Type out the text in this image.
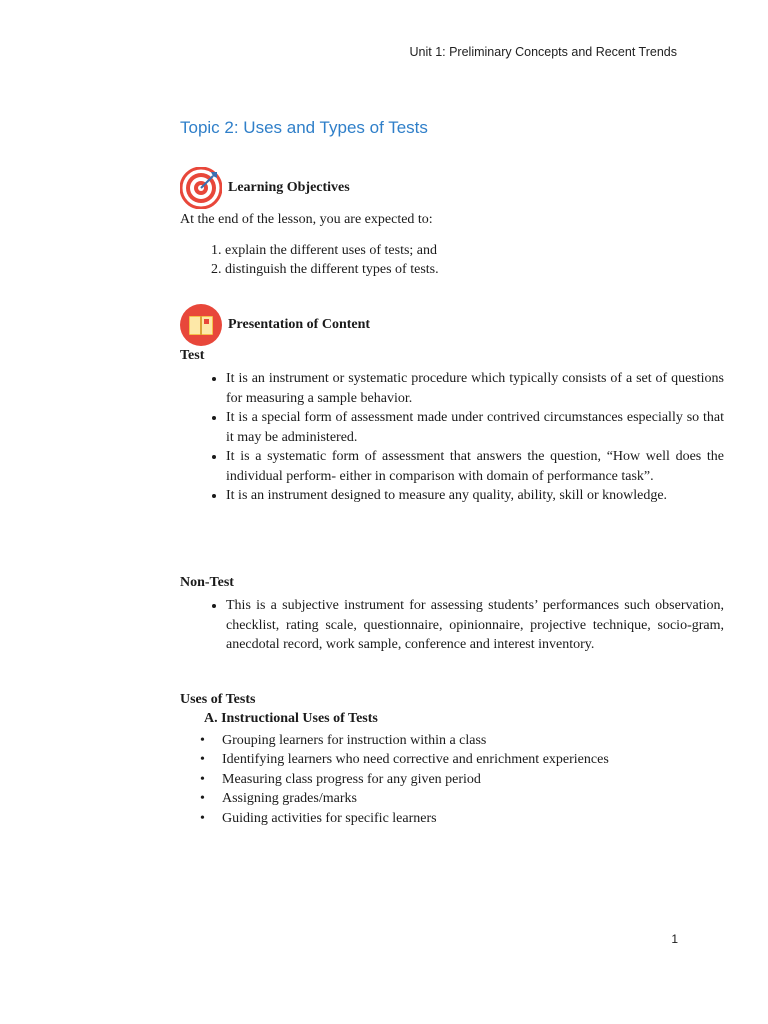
Unit 1: Preliminary Concepts and Recent Trends
Topic 2: Uses and Types of Tests
Learning Objectives
At the end of the lesson, you are expected to:
1. explain the different uses of tests; and
2. distinguish the different types of tests.
Presentation of Content
Test
• It is an instrument or systematic procedure which typically consists of a set of questions for measuring a sample behavior.
• It is a special form of assessment made under contrived circumstances especially so that it may be administered.
• It is a systematic form of assessment that answers the question, “How well does the individual perform- either in comparison with domain of performance task”.
• It is an instrument designed to measure any quality, ability, skill or knowledge.
Non-Test
• This is a subjective instrument for assessing students’ performances such observation, checklist, rating scale, questionnaire, opinionnaire, projective technique, socio-gram, anecdotal record, work sample, conference and interest inventory.
Uses of Tests
A. Instructional Uses of Tests
• Grouping learners for instruction within a class
• Identifying learners who need corrective and enrichment experiences
• Measuring class progress for any given period
• Assigning grades/marks
• Guiding activities for specific learners
1
